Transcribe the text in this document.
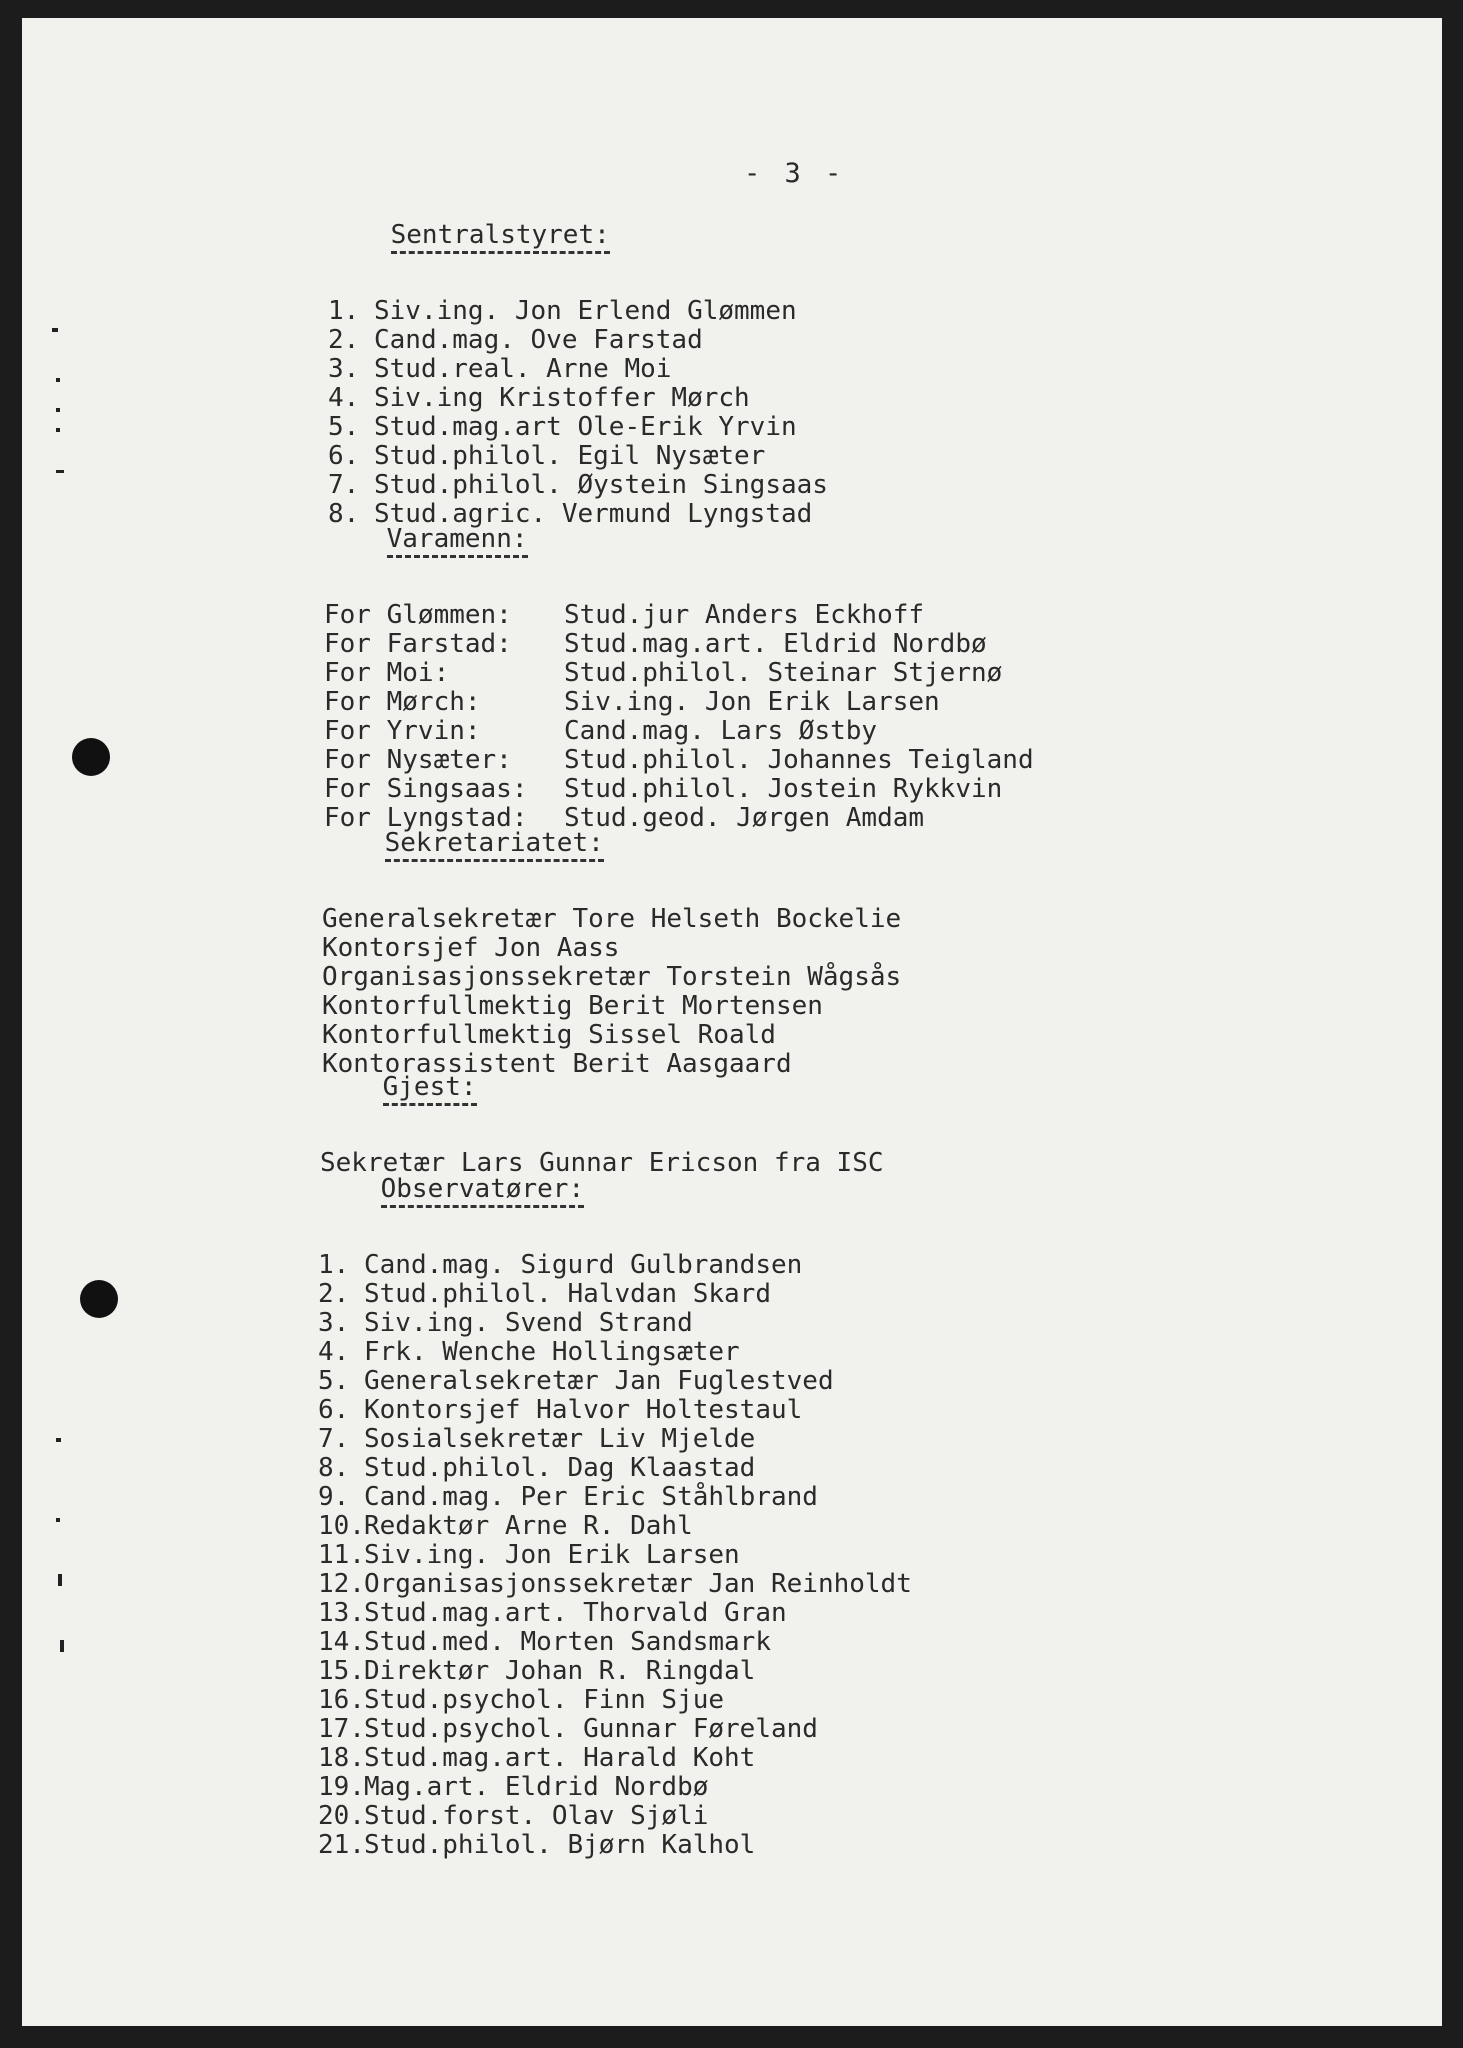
- 3 -

Sentralstyret:

1. Siv.ing. Jon Erlend Glømmen
2. Cand.mag. Ove Farstad
3. Stud.real. Arne Moi
4. Siv.ing Kristoffer Mørch
5. Stud.mag.art Ole-Erik Yrvin
6. Stud.philol. Egil Nysæter
7. Stud.philol. Øystein Singsaas
8. Stud.agric. Vermund Lyngstad

Varamenn:

For Glømmen: Stud.jur Anders Eckhoff
For Farstad: Stud.mag.art. Eldrid Nordbø
For Moi:	Stud.philol. Steinar Stjernø
For Mørch:	Siv.ing. Jon Erik Larsen
For Yrvin:	Cand.mag. Lars Østby
For Nysæter: Stud.philol. Johannes Teigland
For Singsaas: Stud.philol. Jostein Rykkvin
For Lyngstad: Stud.geod. Jørgen Amdam

Sekretariatet:

Generalsekretær Tore Helseth Bockelie
Kontorsjef Jon Aass
Organisasjonssekretær Torstein Wågsås
Kontorfullmektig Berit Mortensen
Kontorfullmektig Sissel Roald
Kontorassistent Berit Aasgaard

Gjest:

Sekretær Lars Gunnar Ericson fra ISC

Observatører:

1. Cand.mag. Sigurd Gulbrandsen
2. Stud.philol. Halvdan Skard
3. Siv.ing. Svend Strand
4. Frk. Wenche Hollingsæter
5. Generalsekretær Jan Fuglestved
6. Kontorsjef Halvor Holtestaul
7. Sosialsekretær Liv Mjelde
8. Stud.philol. Dag Klaastad
9. Cand.mag. Per Eric Ståhlbrand
10.Redaktør Arne R. Dahl
11.Siv.ing. Jon Erik Larsen
12.Organisasjonssekretær Jan Reinholdt
13.Stud.mag.art. Thorvald Gran
14.Stud.med. Morten Sandsmark
15.Direktør Johan R. Ringdal
16.Stud.psychol. Finn Sjue
17.Stud.psychol. Gunnar Føreland
18.Stud.mag.art. Harald Koht
19.Mag.art. Eldrid Nordbø
20.Stud.forst. Olav Sjøli
21.Stud.philol. Bjørn Kalhol
